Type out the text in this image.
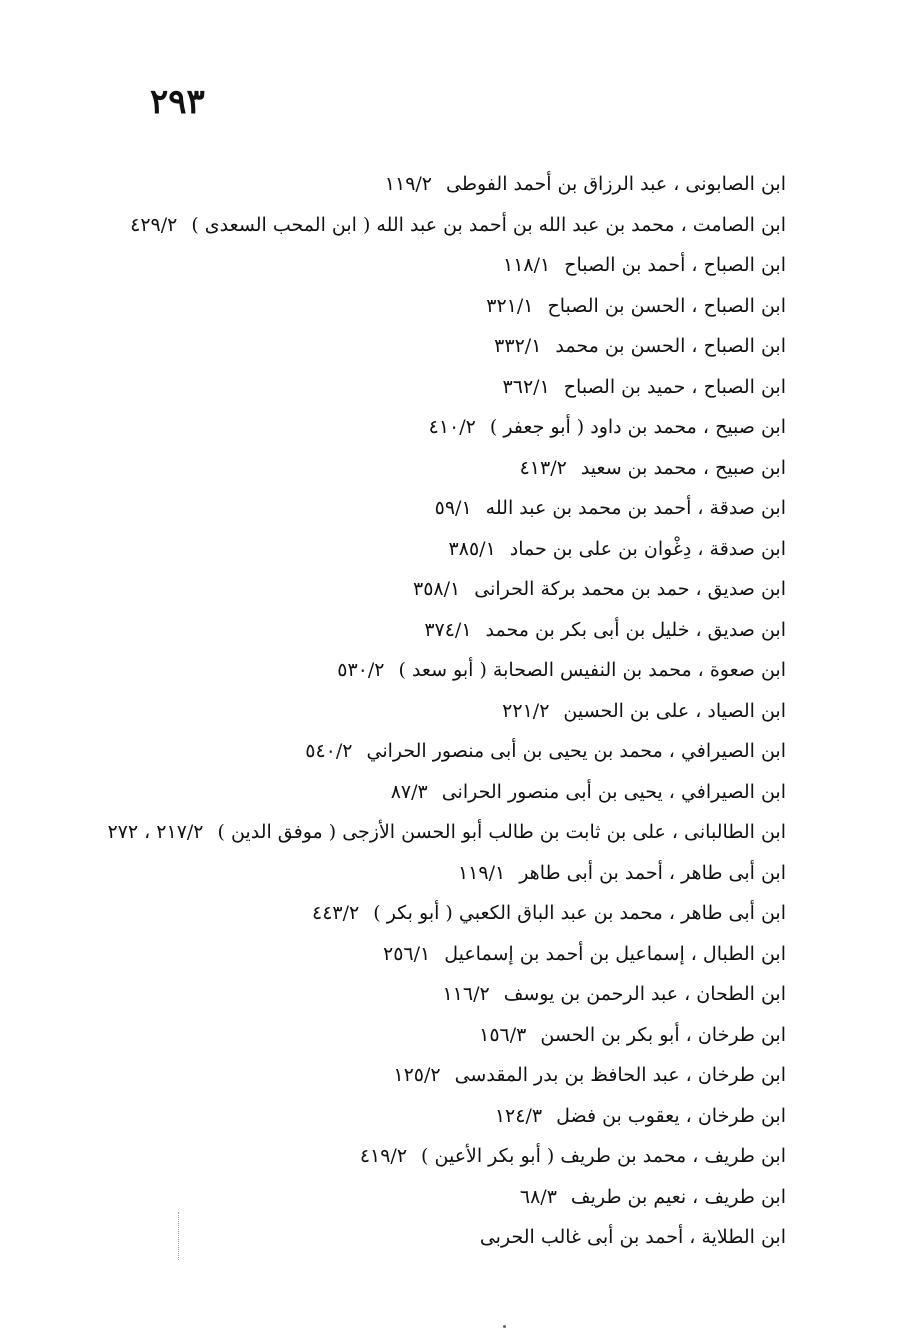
٢٩٣
ابن الصابونى ، عبد الرزاق بن أحمد الفوطى١١٩/٢
ابن الصامت ، محمد بن عبد الله بن أحمد بن عبد الله ( ابن المحب السعدى )٤٢٩/٢
ابن الصباح ، أحمد بن الصباح١١٨/١
ابن الصباح ، الحسن بن الصباح٣٢١/١
ابن الصباح ، الحسن بن محمد٣٣٢/١
ابن الصباح ، حميد بن الصباح٣٦٢/١
ابن صبيح ، محمد بن داود ( أبو جعفر )٤١٠/٢
ابن صبيح ، محمد بن سعيد٤١٣/٢
ابن صدقة ، أحمد بن محمد بن عبد الله٥٩/١
ابن صدقة ، دِغْوان بن على بن حماد٣٨٥/١
ابن صديق ، حمد بن محمد بركة الحرانى٣٥٨/١
ابن صديق ، خليل بن أبى بكر بن محمد٣٧٤/١
ابن صعوة ، محمد بن النفيس الصحابة ( أبو سعد )٥٣٠/٢
ابن الصياد ، على بن الحسين٢٢١/٢
ابن الصيرافي ، محمد بن يحيى بن أبى منصور الحراني٥٤٠/٢
ابن الصيرافي ، يحيى بن أبى منصور الحرانى٨٧/٣
ابن الطالبانى ، على بن ثابت بن طالب أبو الحسن الأزجى ( موفق الدين )٢١٧/٢ ، ٢٧٢
ابن أبى طاهر ، أحمد بن أبى طاهر١١٩/١
ابن أبى طاهر ، محمد بن عبد الباق الكعبي ( أبو بكر )٤٤٣/٢
ابن الطبال ، إسماعيل بن أحمد بن إسماعيل٢٥٦/١
ابن الطحان ، عبد الرحمن بن يوسف١١٦/٢
ابن طرخان ، أبو بكر بن الحسن١٥٦/٣
ابن طرخان ، عبد الحافظ بن بدر المقدسى١٢٥/٢
ابن طرخان ، يعقوب بن فضل١٢٤/٣
ابن طريف ، محمد بن طريف ( أبو بكر الأعين )٤١٩/٢
ابن طريف ، نعيم بن طريف٦٨/٣
ابن الطلاية ، أحمد بن أبى غالب الحربى
